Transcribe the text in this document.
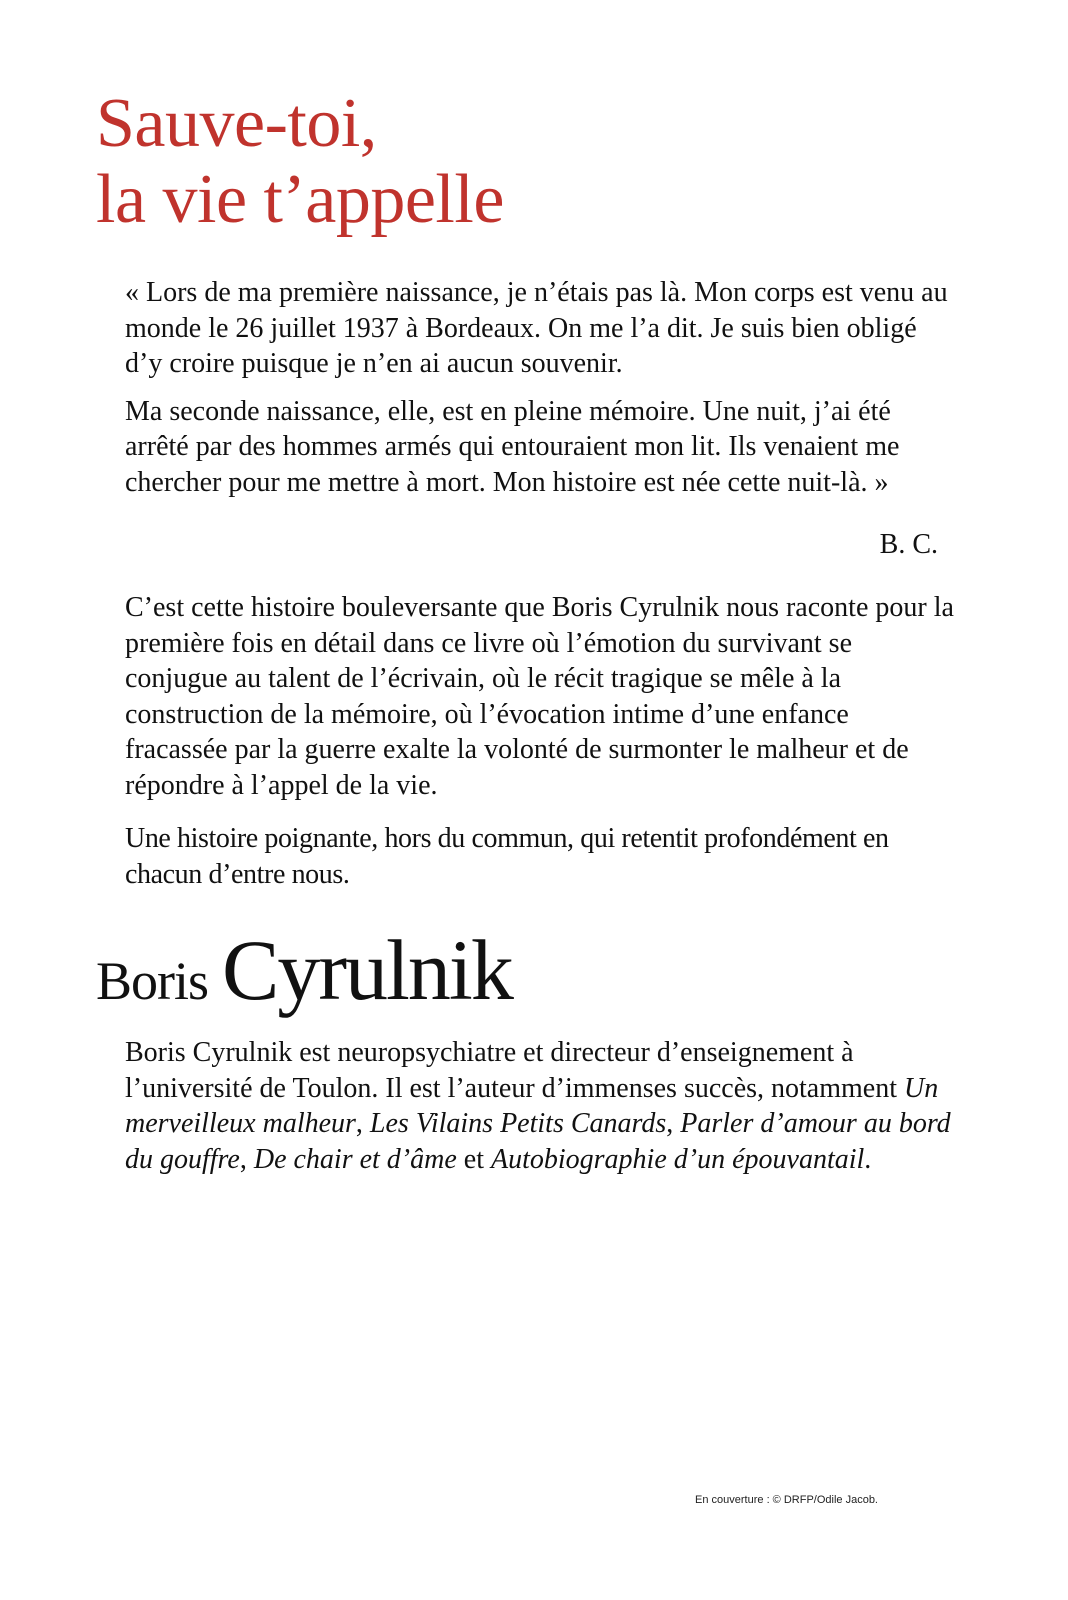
Sauve-toi,
la vie t’appelle

« Lors de ma première naissance, je n’étais pas là. Mon corps est venu au monde le 26 juillet 1937 à Bordeaux. On me l’a dit. Je suis bien obligé d’y croire puisque je n’en ai aucun souvenir.

Ma seconde naissance, elle, est en pleine mémoire. Une nuit, j’ai été arrêté par des hommes armés qui entouraient mon lit. Ils venaient me chercher pour me mettre à mort. Mon histoire est née cette nuit-là. »

B. C.

C’est cette histoire bouleversante que Boris Cyrulnik nous raconte pour la première fois en détail dans ce livre où l’émotion du survivant se conjugue au talent de l’écrivain, où le récit tragique se mêle à la construction de la mémoire, où l’évocation intime d’une enfance fracassée par la guerre exalte la volonté de surmonter le malheur et de répondre à l’appel de la vie.

Une histoire poignante, hors du commun, qui retentit profondément en chacun d’entre nous.

Boris Cyrulnik

Boris Cyrulnik est neuropsychiatre et directeur d’enseignement à l’université de Toulon. Il est l’auteur d’immenses succès, notamment Un merveilleux malheur, Les Vilains Petits Canards, Parler d’amour au bord du gouffre, De chair et d’âme et Autobiographie d’un épouvantail.

En couverture : © DRFP/Odile Jacob.
